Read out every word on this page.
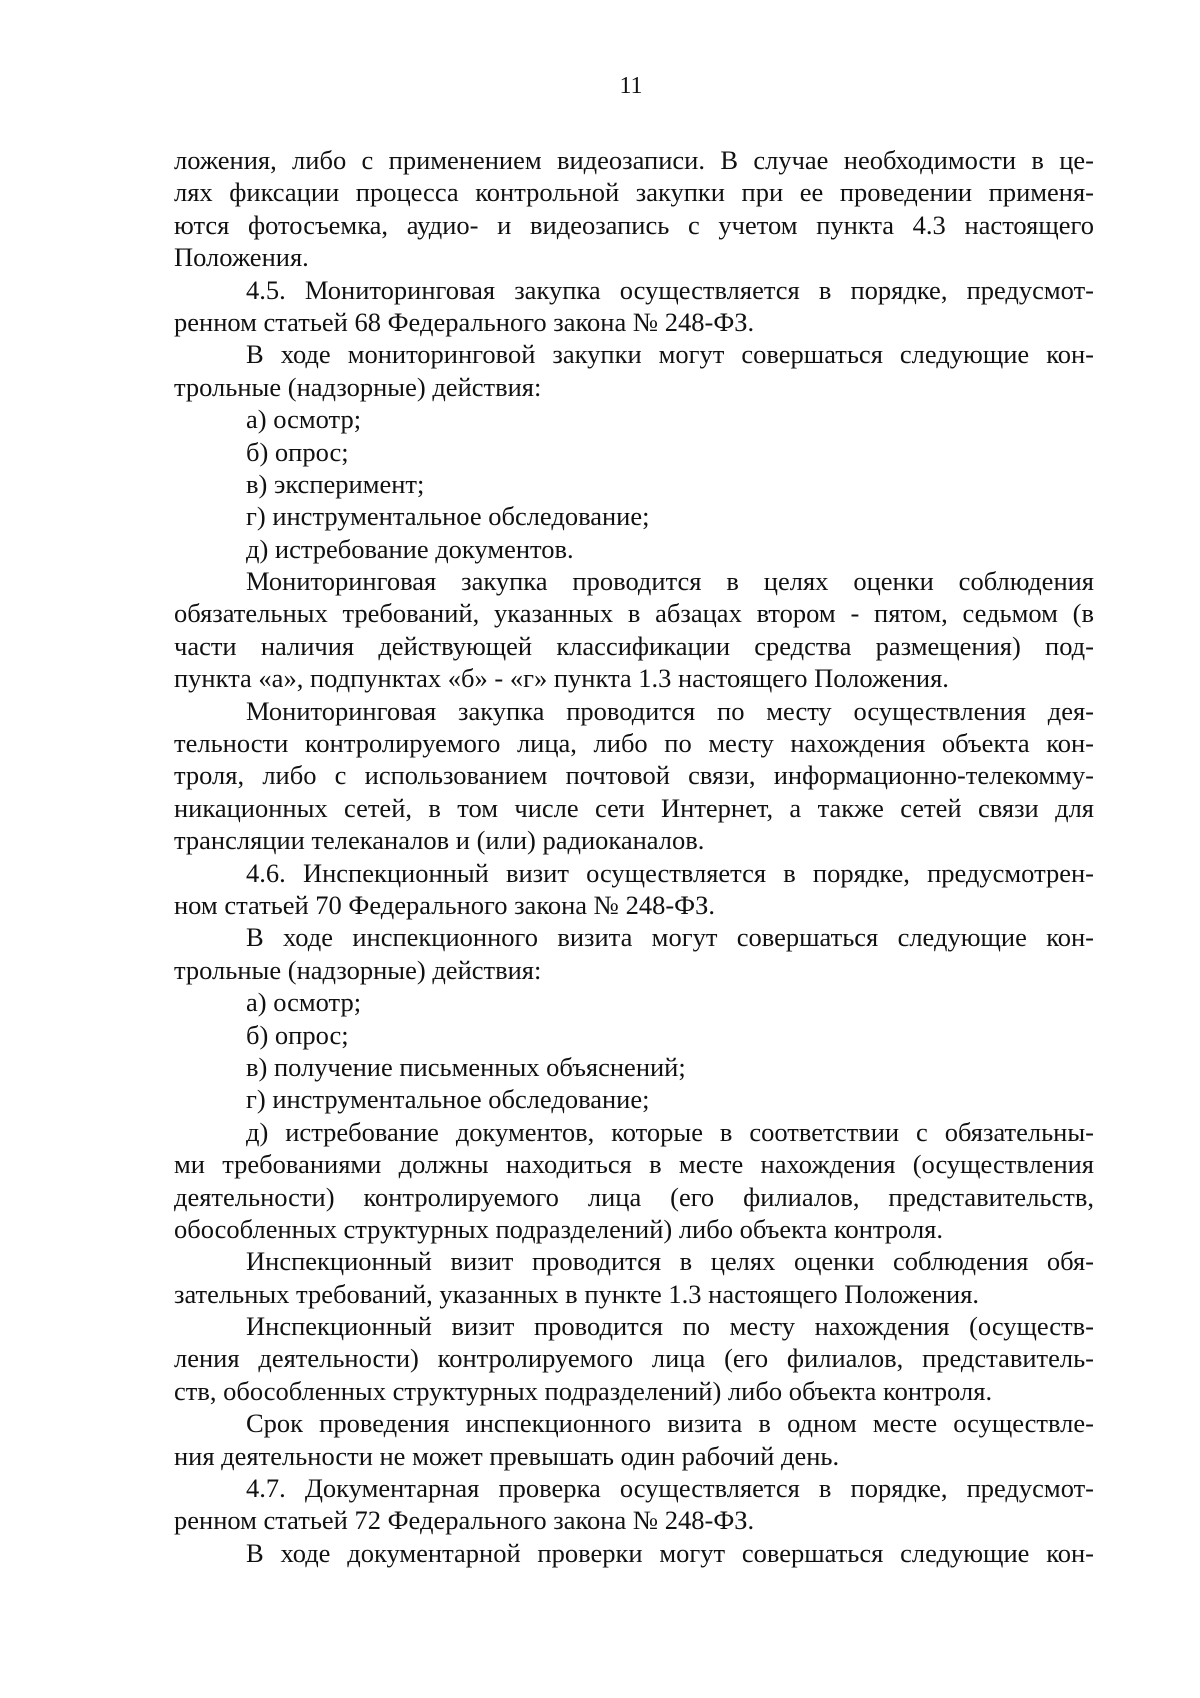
11
ложения, либо с применением видеозаписи. В случае необходимости в це-
лях фиксации процесса контрольной закупки при ее проведении применя-
ются фотосъемка, аудио- и видеозапись с учетом пункта 4.3 настоящего
Положения.
4.5. Мониторинговая закупка осуществляется в порядке, предусмот-
ренном статьей 68 Федерального закона № 248-ФЗ.
В ходе мониторинговой закупки могут совершаться следующие кон-
трольные (надзорные) действия:
а) осмотр;
б) опрос;
в) эксперимент;
г) инструментальное обследование;
д) истребование документов.
Мониторинговая закупка проводится в целях оценки соблюдения
обязательных требований, указанных в абзацах втором - пятом, седьмом (в
части наличия действующей классификации средства размещения) под-
пункта «а», подпунктах «б» - «г» пункта 1.3 настоящего Положения.
Мониторинговая закупка проводится по месту осуществления дея-
тельности контролируемого лица, либо по месту нахождения объекта кон-
троля, либо с использованием почтовой связи, информационно-телекомму-
никационных сетей, в том числе сети Интернет, а также сетей связи для
трансляции телеканалов и (или) радиоканалов.
4.6. Инспекционный визит осуществляется в порядке, предусмотрен-
ном статьей 70 Федерального закона № 248-ФЗ.
В ходе инспекционного визита могут совершаться следующие кон-
трольные (надзорные) действия:
а) осмотр;
б) опрос;
в) получение письменных объяснений;
г) инструментальное обследование;
д) истребование документов, которые в соответствии с обязательны-
ми требованиями должны находиться в месте нахождения (осуществления
деятельности) контролируемого лица (его филиалов, представительств,
обособленных структурных подразделений) либо объекта контроля.
Инспекционный визит проводится в целях оценки соблюдения обя-
зательных требований, указанных в пункте 1.3 настоящего Положения.
Инспекционный визит проводится по месту нахождения (осуществ-
ления деятельности) контролируемого лица (его филиалов, представитель-
ств, обособленных структурных подразделений) либо объекта контроля.
Срок проведения инспекционного визита в одном месте осуществле-
ния деятельности не может превышать один рабочий день.
4.7. Документарная проверка осуществляется в порядке, предусмот-
ренном статьей 72 Федерального закона № 248-ФЗ.
В ходе документарной проверки могут совершаться следующие кон-
